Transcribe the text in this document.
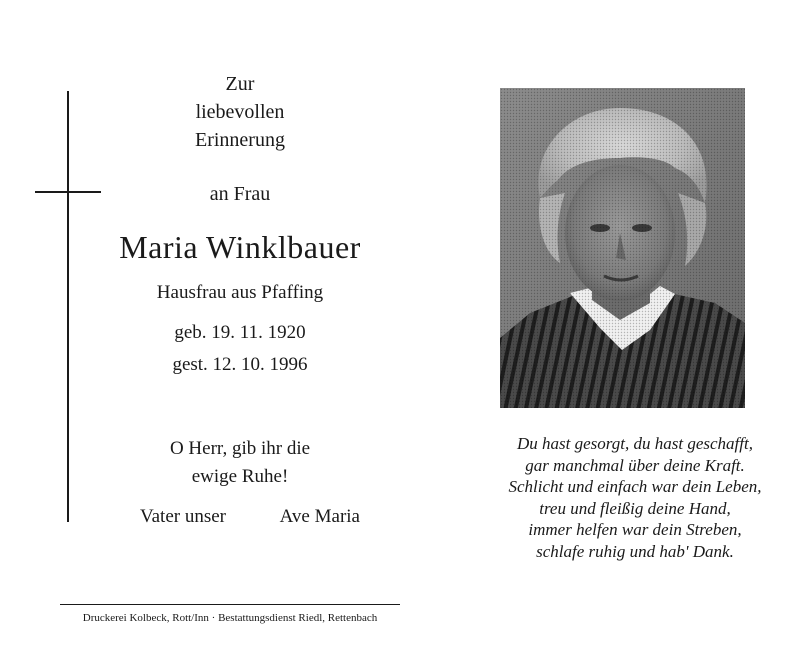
Zur
liebevollen
Erinnerung
an Frau
Maria Winklbauer
Hausfrau aus Pfaffing
geb. 19. 11. 1920
gest. 12. 10. 1996
O Herr, gib ihr die
ewige Ruhe!
Vater unser	Ave Maria
Druckerei Kolbeck, Rott/Inn · Bestattungsdienst Riedl, Rettenbach
Du hast gesorgt, du hast geschafft,
gar manchmal über deine Kraft.
Schlicht und einfach war dein Leben,
treu und fleißig deine Hand,
immer helfen war dein Streben,
schlafe ruhig und hab' Dank.
